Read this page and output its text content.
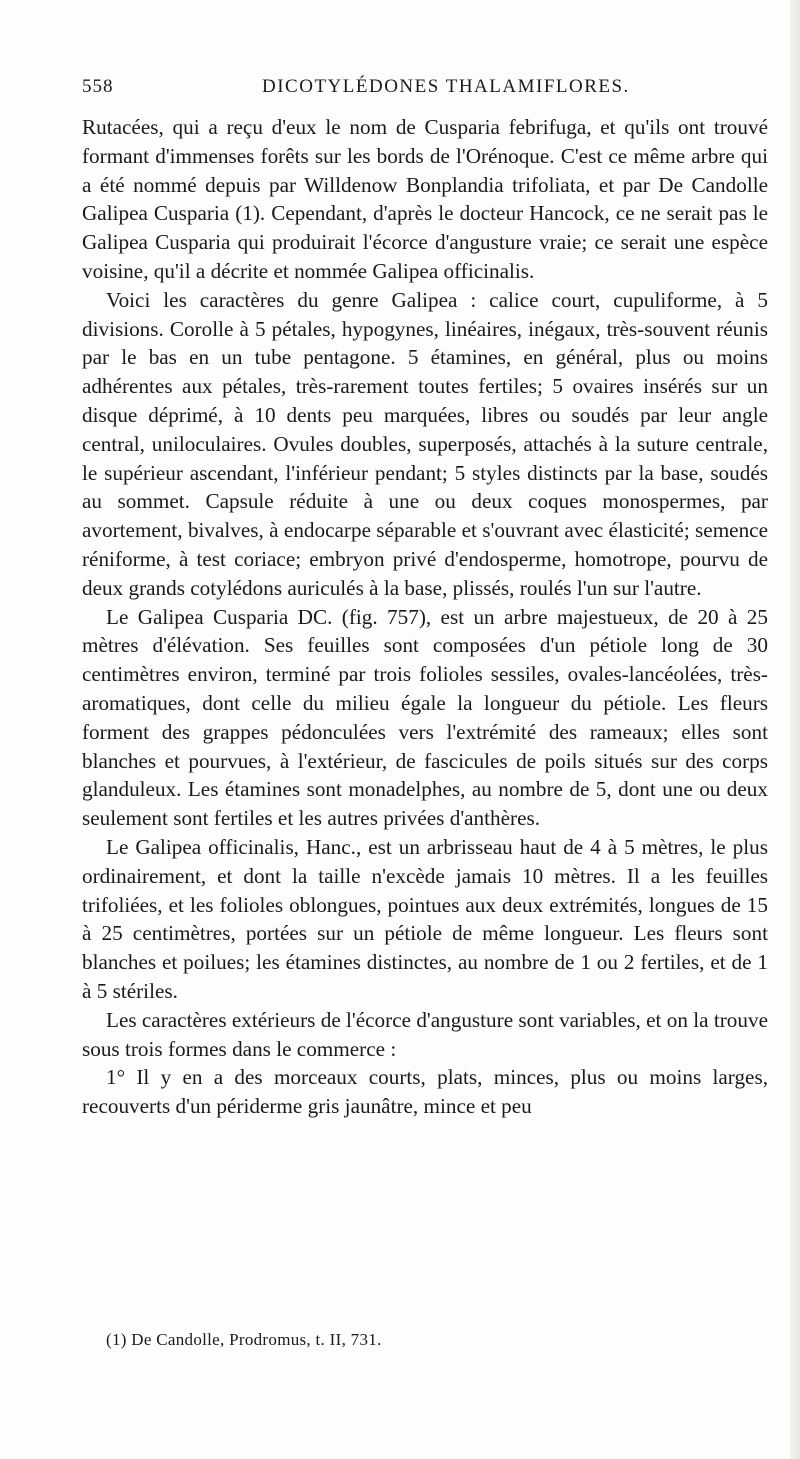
558	DICOTYLÉDONES THALAMIFLORES.

Rutacées, qui a reçu d'eux le nom de Cusparia febrifuga, et qu'ils ont trouvé formant d'immenses forêts sur les bords de l'Orénoque. C'est ce même arbre qui a été nommé depuis par Willdenow Bonplandia trifoliata, et par De Candolle Galipea Cusparia (1). Cependant, d'après le docteur Hancock, ce ne serait pas le Galipea Cusparia qui produirait l'écorce d'angusture vraie; ce serait une espèce voisine, qu'il a décrite et nommée Galipea officinalis.

Voici les caractères du genre Galipea : calice court, cupuliforme, à 5 divisions. Corolle à 5 pétales, hypogynes, linéaires, inégaux, très-souvent réunis par le bas en un tube pentagone. 5 étamines, en général, plus ou moins adhérentes aux pétales, très-rarement toutes fertiles; 5 ovaires insérés sur un disque déprimé, à 10 dents peu marquées, libres ou soudés par leur angle central, uniloculaires. Ovules doubles, superposés, attachés à la suture centrale, le supérieur ascendant, l'inférieur pendant; 5 styles distincts par la base, soudés au sommet. Capsule réduite à une ou deux coques monospermes, par avortement, bivalves, à endocarpe séparable et s'ouvrant avec élasticité; semence réniforme, à test coriace; embryon privé d'endosperme, homotrope, pourvu de deux grands cotylédons auriculés à la base, plissés, roulés l'un sur l'autre.

Le Galipea Cusparia DC. (fig. 757), est un arbre majestueux, de 20 à 25 mètres d'élévation. Ses feuilles sont composées d'un pétiole long de 30 centimètres environ, terminé par trois folioles sessiles, ovales-lancéolées, très-aromatiques, dont celle du milieu égale la longueur du pétiole. Les fleurs forment des grappes pédonculées vers l'extrémité des rameaux; elles sont blanches et pourvues, à l'extérieur, de fascicules de poils situés sur des corps glanduleux. Les étamines sont monadelphes, au nombre de 5, dont une ou deux seulement sont fertiles et les autres privées d'anthères.

Le Galipea officinalis, Hanc., est un arbrisseau haut de 4 à 5 mètres, le plus ordinairement, et dont la taille n'excède jamais 10 mètres. Il a les feuilles trifoliées, et les folioles oblongues, pointues aux deux extrémités, longues de 15 à 25 centimètres, portées sur un pétiole de même longueur. Les fleurs sont blanches et poilues; les étamines distinctes, au nombre de 1 ou 2 fertiles, et de 1 à 5 stériles.

Les caractères extérieurs de l'écorce d'angusture sont variables, et on la trouve sous trois formes dans le commerce :

1° Il y en a des morceaux courts, plats, minces, plus ou moins larges, recouverts d'un périderme gris jaunâtre, mince et peu

(1) De Candolle, Prodromus, t. II, 731.
